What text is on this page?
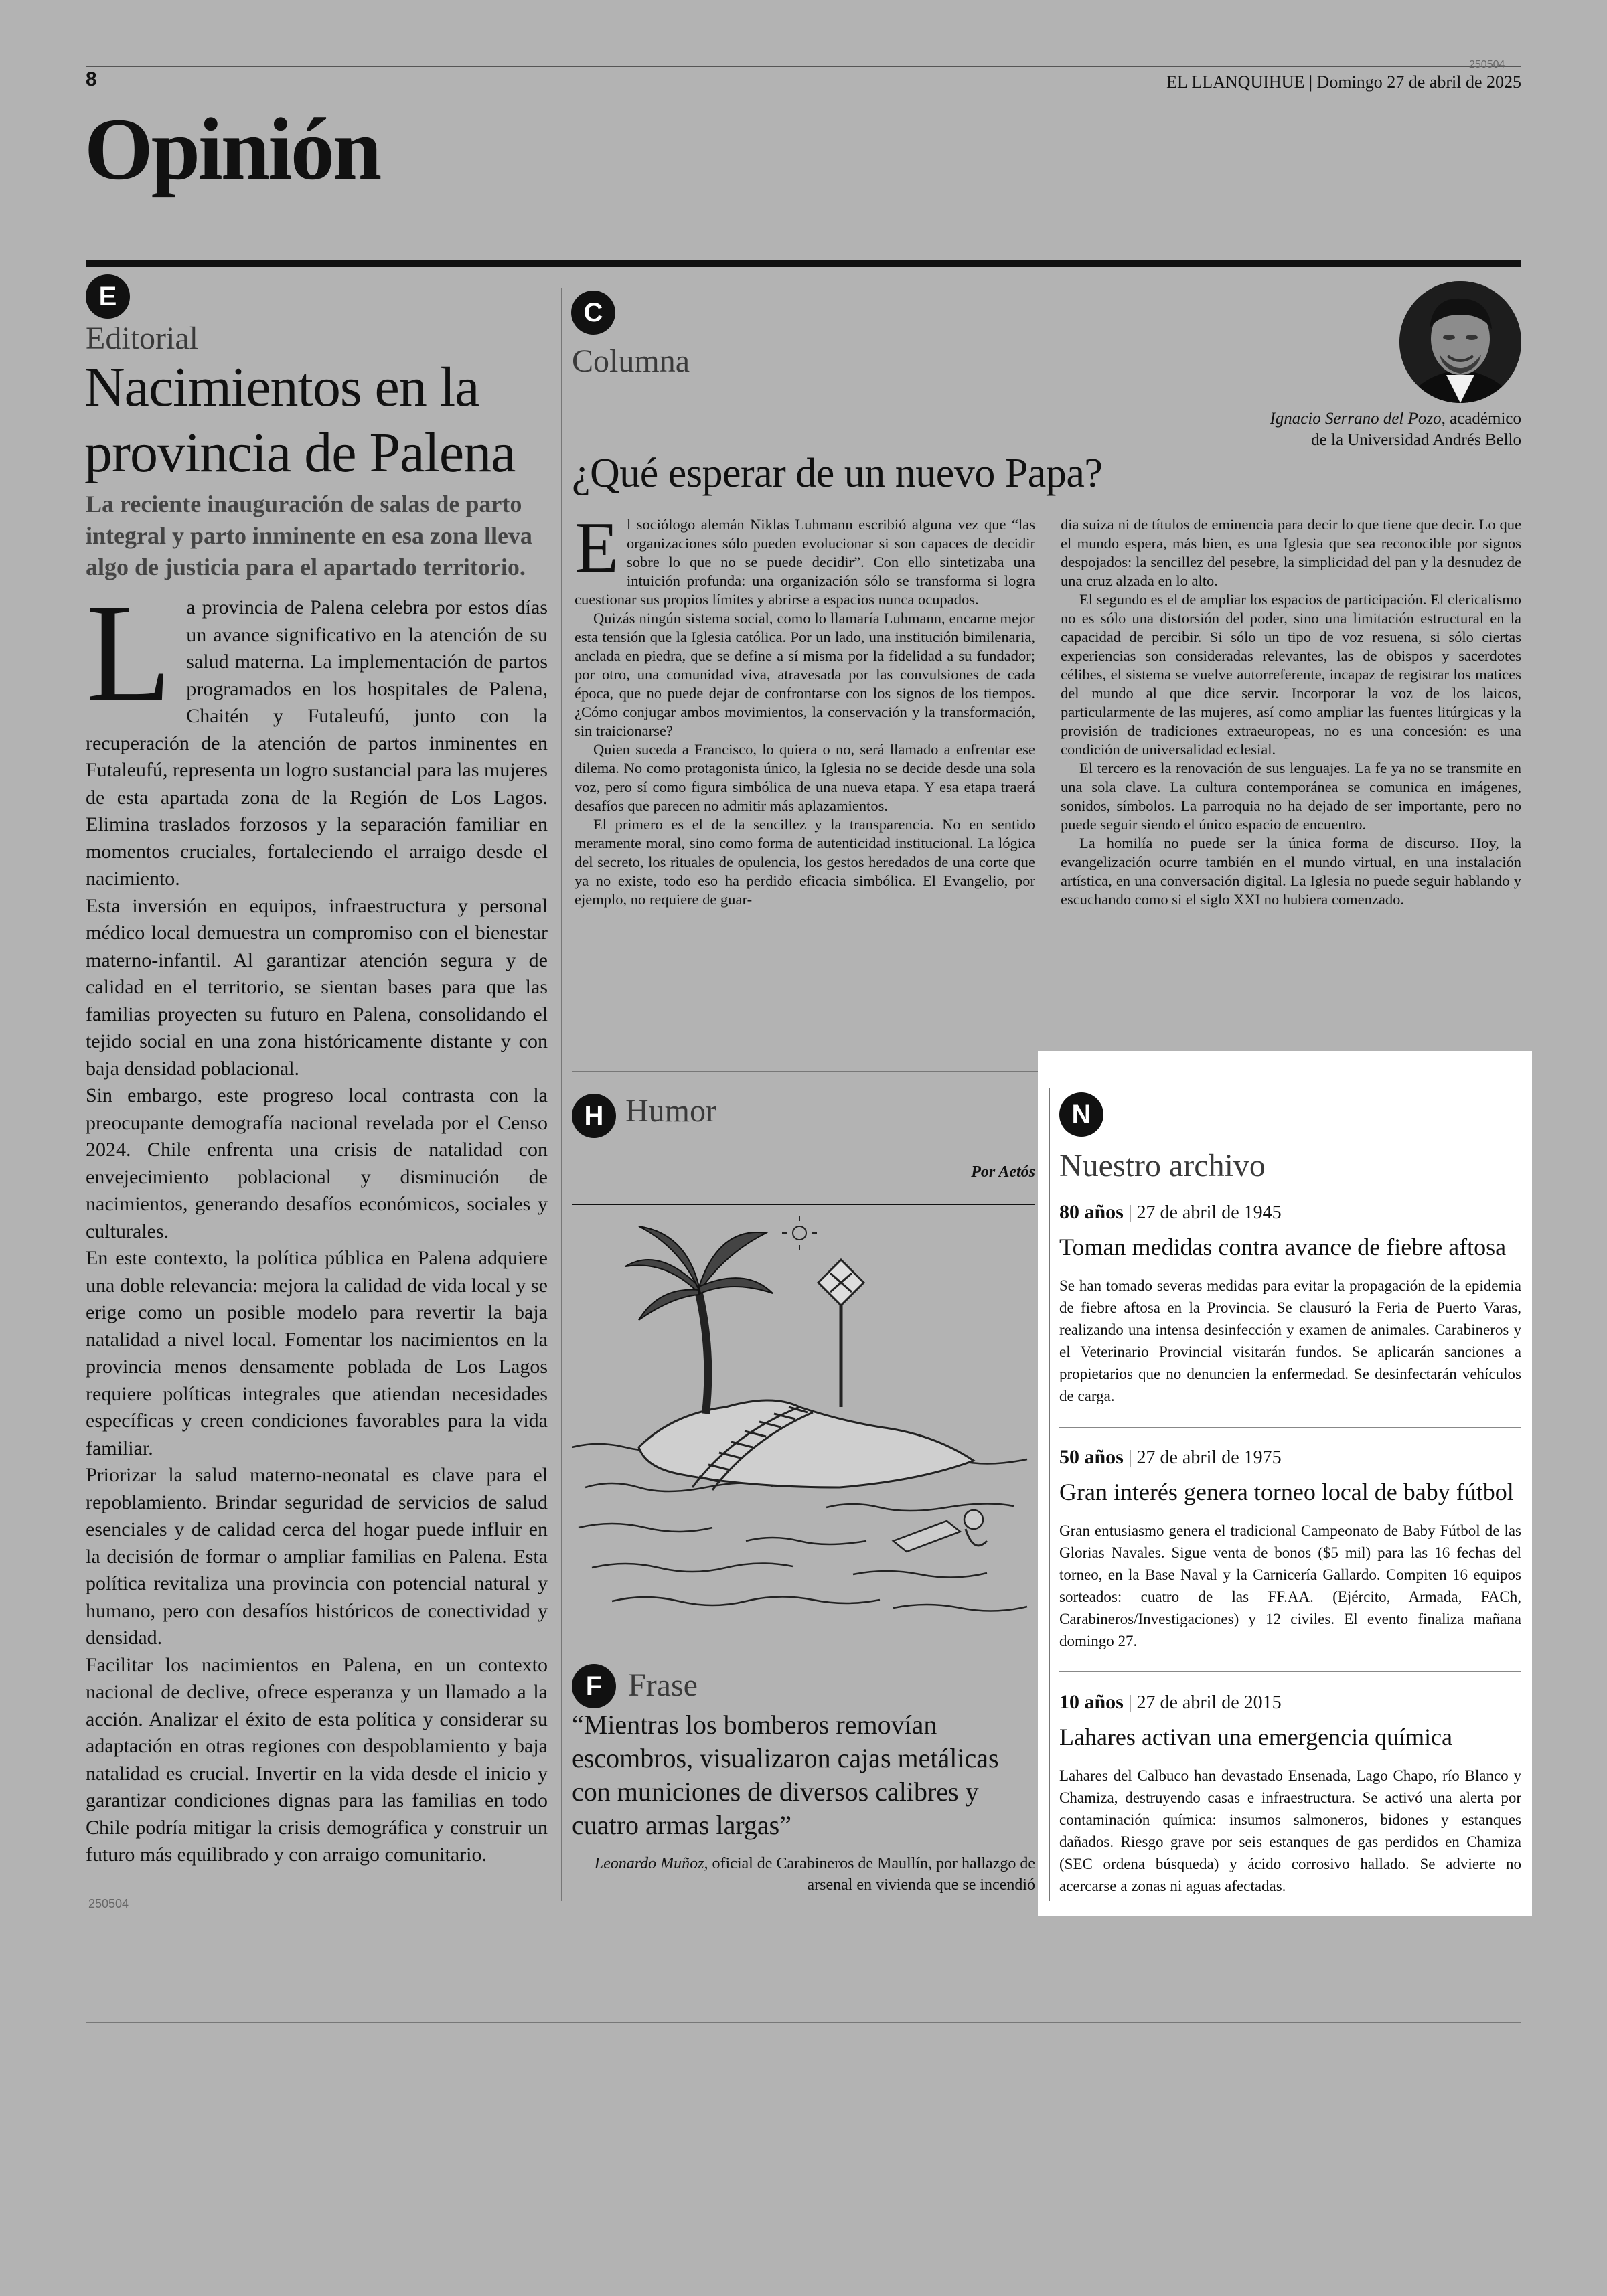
8
250504
EL LLANQUIHUE | Domingo 27 de abril de 2025
Opinión
E
Editorial
Nacimientos en la
provincia de Palena
La reciente inauguración de salas de parto integral y parto inminente en esa zona lleva algo de justicia para el apartado territorio.

La provincia de Palena celebra por estos días un avance significativo en la atención de su salud materna. La implementación de partos programados en los hospitales de Palena, Chaitén y Futaleufú, junto con la recuperación de la atención de partos inminentes en Futaleufú, representa un logro sustancial para las mujeres de esta apartada zona de la Región de Los Lagos. Elimina traslados forzosos y la separación familiar en momentos cruciales, fortaleciendo el arraigo desde el nacimiento.

Esta inversión en equipos, infraestructura y personal médico local demuestra un compromiso con el bienestar materno-infantil. Al garantizar atención segura y de calidad en el territorio, se sientan bases para que las familias proyecten su futuro en Palena, consolidando el tejido social en una zona históricamente distante y con baja densidad poblacional.

Sin embargo, este progreso local contrasta con la preocupante demografía nacional revelada por el Censo 2024. Chile enfrenta una crisis de natalidad con envejecimiento poblacional y disminución de nacimientos, generando desafíos económicos, sociales y culturales.

En este contexto, la política pública en Palena adquiere una doble relevancia: mejora la calidad de vida local y se erige como un posible modelo para revertir la baja natalidad a nivel local. Fomentar los nacimientos en la provincia menos densamente poblada de Los Lagos requiere políticas integrales que atiendan necesidades específicas y creen condiciones favorables para la vida familiar.

Priorizar la salud materno-neonatal es clave para el repoblamiento. Brindar seguridad de servicios de salud esenciales y de calidad cerca del hogar puede influir en la decisión de formar o ampliar familias en Palena. Esta política revitaliza una provincia con potencial natural y humano, pero con desafíos históricos de conectividad y densidad.

Facilitar los nacimientos en Palena, en un contexto nacional de declive, ofrece esperanza y un llamado a la acción. Analizar el éxito de esta política y considerar su adaptación en otras regiones con despoblamiento y baja natalidad es crucial. Invertir en la vida desde el inicio y garantizar condiciones dignas para las familias en todo Chile podría mitigar la crisis demográfica y construir un futuro más equilibrado y con arraigo comunitario.

250504
C
Columna
Ignacio Serrano del Pozo, académico
de la Universidad Andrés Bello
¿Qué esperar de un nuevo Papa?

El sociólogo alemán Niklas Luhmann escribió alguna vez que “las organizaciones sólo pueden evolucionar si son capaces de decidir sobre lo que no se puede decidir”. Con ello sintetizaba una intuición profunda: una organización sólo se transforma si logra cuestionar sus propios límites y abrirse a espacios nunca ocupados.

Quizás ningún sistema social, como lo llamaría Luhmann, encarne mejor esta tensión que la Iglesia católica. Por un lado, una institución bimilenaria, anclada en piedra, que se define a sí misma por la fidelidad a su fundador; por otro, una comunidad viva, atravesada por las convulsiones de cada época, que no puede dejar de confrontarse con los signos de los tiempos. ¿Cómo conjugar ambos movimientos, la conservación y la transformación, sin traicionarse?

Quien suceda a Francisco, lo quiera o no, será llamado a enfrentar ese dilema. No como protagonista único, la Iglesia no se decide desde una sola voz, pero sí como figura simbólica de una nueva etapa. Y esa etapa traerá desafíos que parecen no admitir más aplazamientos.

El primero es el de la sencillez y la transparencia. No en sentido meramente moral, sino como forma de autenticidad institucional. La lógica del secreto, los rituales de opulencia, los gestos heredados de una corte que ya no existe, todo eso ha perdido eficacia simbólica. El Evangelio, por ejemplo, no requiere de guar-

dia suiza ni de títulos de eminencia para decir lo que tiene que decir. Lo que el mundo espera, más bien, es una Iglesia que sea reconocible por signos despojados: la sencillez del pesebre, la simplicidad del pan y la desnudez de una cruz alzada en lo alto.

El segundo es el de ampliar los espacios de participación. El clericalismo no es sólo una distorsión del poder, sino una limitación estructural en la capacidad de percibir. Si sólo un tipo de voz resuena, si sólo ciertas experiencias son consideradas relevantes, las de obispos y sacerdotes célibes, el sistema se vuelve autorreferente, incapaz de registrar los matices del mundo al que dice servir. Incorporar la voz de los laicos, particularmente de las mujeres, así como ampliar las fuentes litúrgicas y la provisión de tradiciones extraeuropeas, no es una concesión: es una condición de universalidad eclesial.

El tercero es la renovación de sus lenguajes. La fe ya no se transmite en una sola clave. La cultura contemporánea se comunica en imágenes, sonidos, símbolos. La parroquia no ha dejado de ser importante, pero no puede seguir siendo el único espacio de encuentro.

La homilía no puede ser la única forma de discurso. Hoy, la evangelización ocurre también en el mundo virtual, en una instalación artística, en una conversación digital. La Iglesia no puede seguir hablando y escuchando como si el siglo XXI no hubiera comenzado.

H Humor
Por Aetós
F Frase
“Mientras los bomberos removían escombros, visualizaron cajas metálicas con municiones de diversos calibres y cuatro armas largas”
Leonardo Muñoz, oficial de Carabineros de Maullín, por hallazgo de arsenal en vivienda que se incendió
N
Nuestro archivo
80 años | 27 de abril de 1945
Toman medidas contra avance de fiebre aftosa
Se han tomado severas medidas para evitar la propagación de la epidemia de fiebre aftosa en la Provincia. Se clausuró la Feria de Puerto Varas, realizando una intensa desinfección y examen de animales. Carabineros y el Veterinario Provincial visitarán fundos. Se aplicarán sanciones a propietarios que no denuncien la enfermedad. Se desinfectarán vehículos de carga.
50 años | 27 de abril de 1975
Gran interés genera torneo local de baby fútbol
Gran entusiasmo genera el tradicional Campeonato de Baby Fútbol de las Glorias Navales. Sigue venta de bonos ($5 mil) para las 16 fechas del torneo, en la Base Naval y la Carnicería Gallardo. Compiten 16 equipos sorteados: cuatro de las FF.AA. (Ejército, Armada, FACh, Carabineros/Investigaciones) y 12 civiles. El evento finaliza mañana domingo 27.
10 años | 27 de abril de 2015
Lahares activan una emergencia química
Lahares del Calbuco han devastado Ensenada, Lago Chapo, río Blanco y Chamiza, destruyendo casas e infraestructura. Se activó una alerta por contaminación química: insumos salmoneros, bidones y estanques dañados. Riesgo grave por seis estanques de gas perdidos en Chamiza (SEC ordena búsqueda) y ácido corrosivo hallado. Se advierte no acercarse a zonas ni aguas afectadas.
